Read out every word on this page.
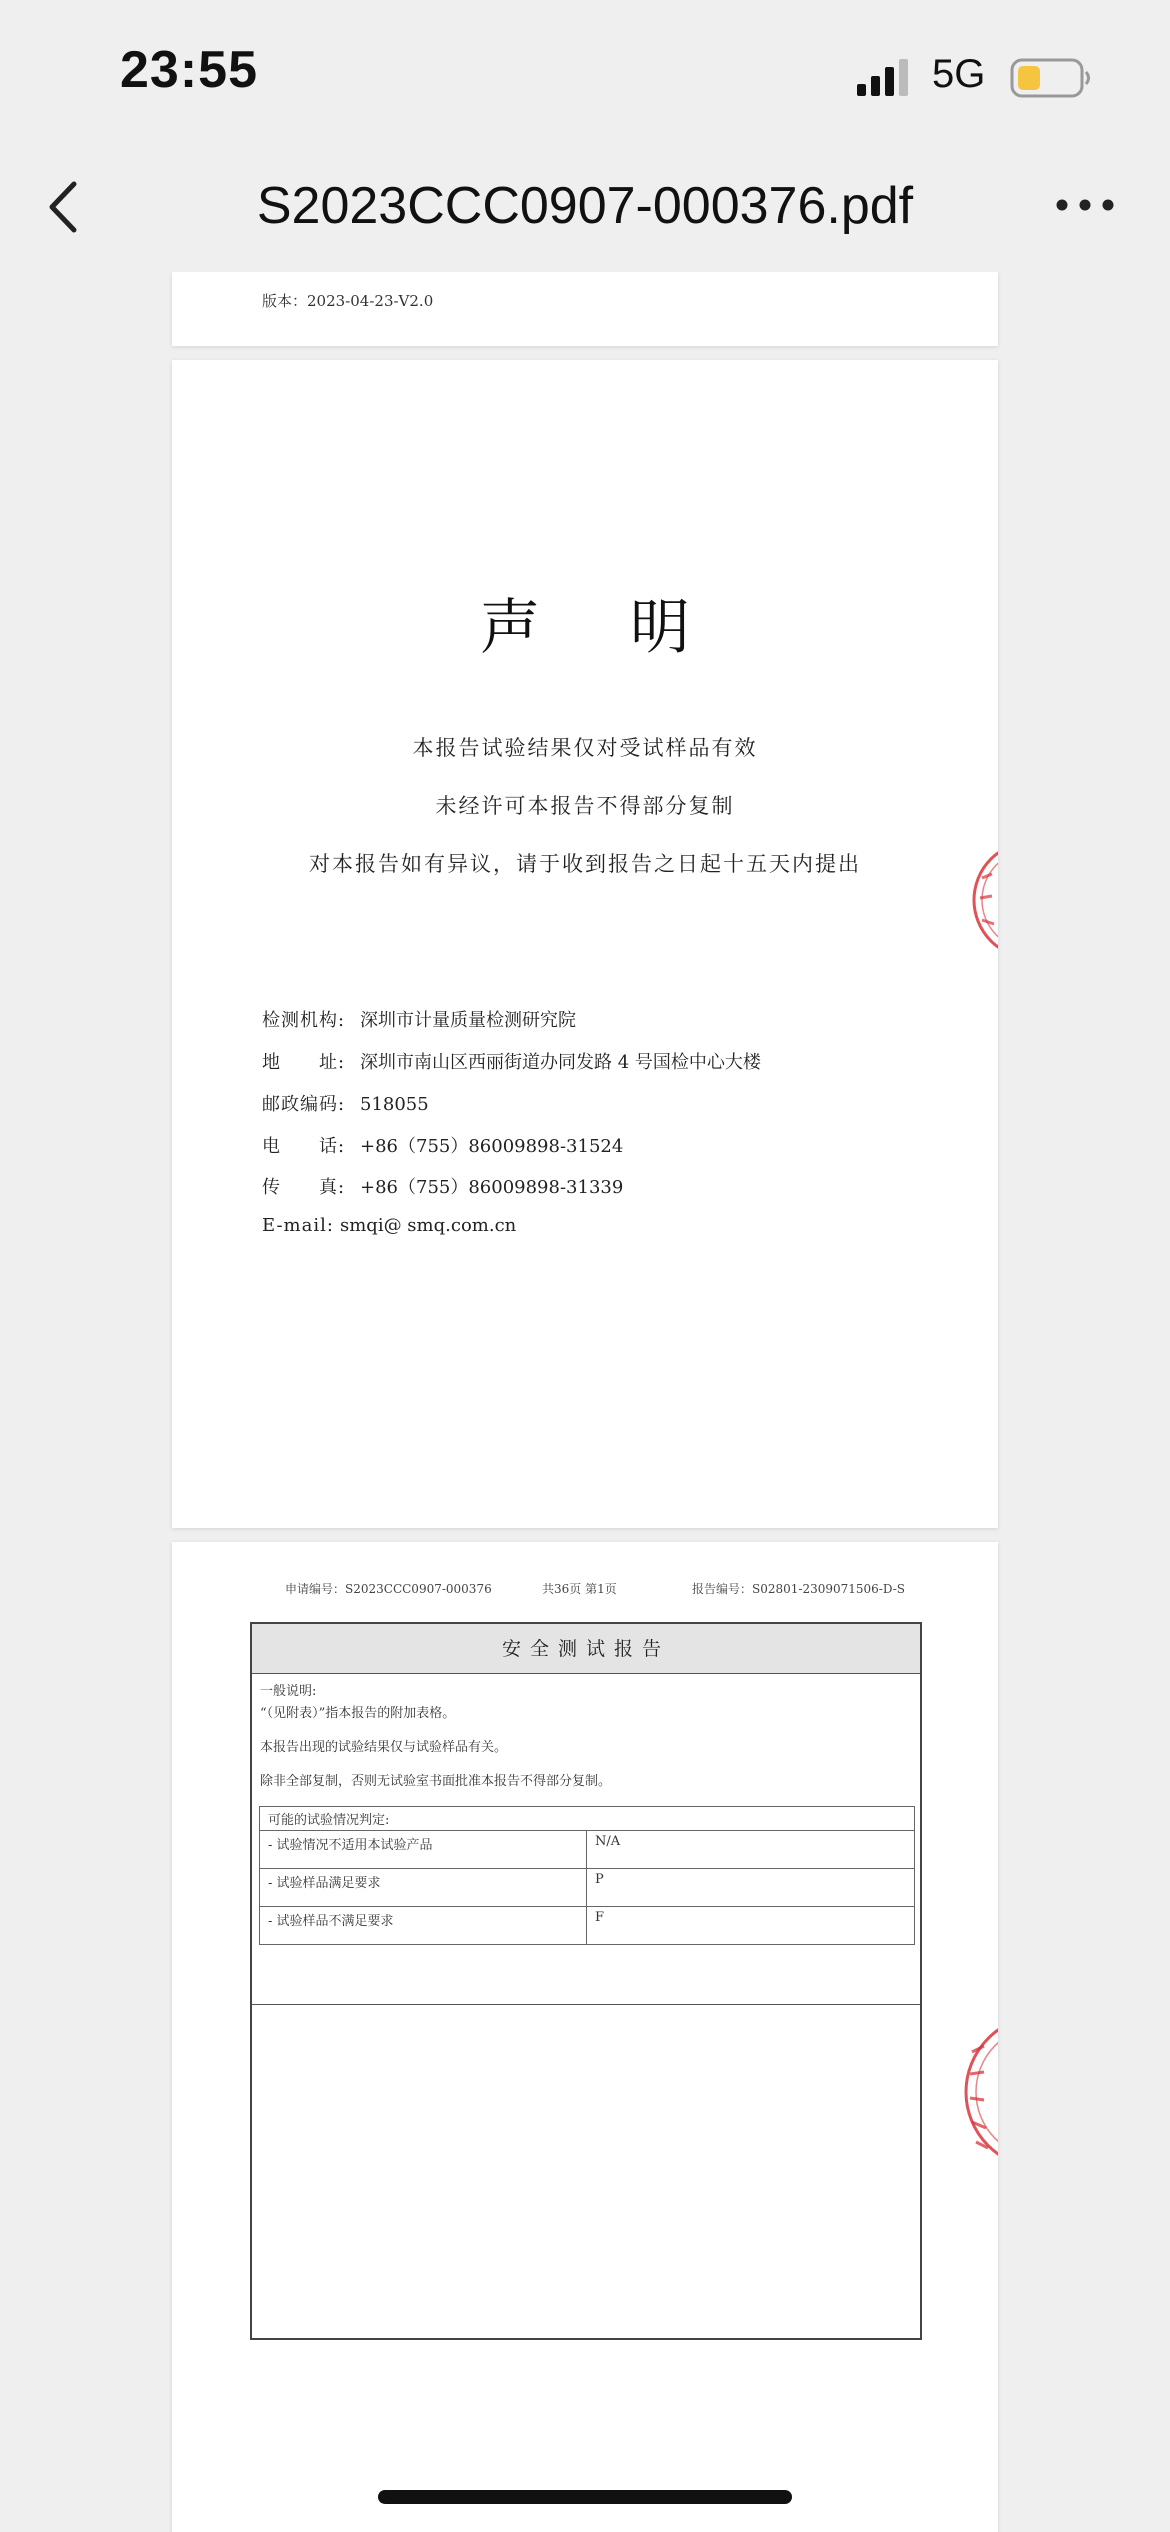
23:55	5G
S2023CCC0907-000376.pdf
版本：2023-04-23-V2.0
声明
本报告试验结果仅对受试样品有效
未经许可本报告不得部分复制
对本报告如有异议，请于收到报告之日起十五天内提出
检测机构: 深圳市计量质量检测研究院
地　　址: 深圳市南山区西丽街道办同发路 4 号国检中心大楼
邮政编码: 518055
电　　话: +86（755）86009898-31524
传　　真: +86（755）86009898-31339
E-mail: smqi@ smq.com.cn
申请编号：S2023CCC0907-000376	共36页 第1页	报告编号：S02801-2309071506-D-S
安全测试报告
一般说明:
“（见附表）”指本报告的附加表格。
本报告出现的试验结果仅与试验样品有关。
除非全部复制，否则无试验室书面批准本报告不得部分复制。
可能的试验情况判定:	
- 试验情况不适用本试验产品	N/A
- 试验样品满足要求	P
- 试验样品不满足要求	F
